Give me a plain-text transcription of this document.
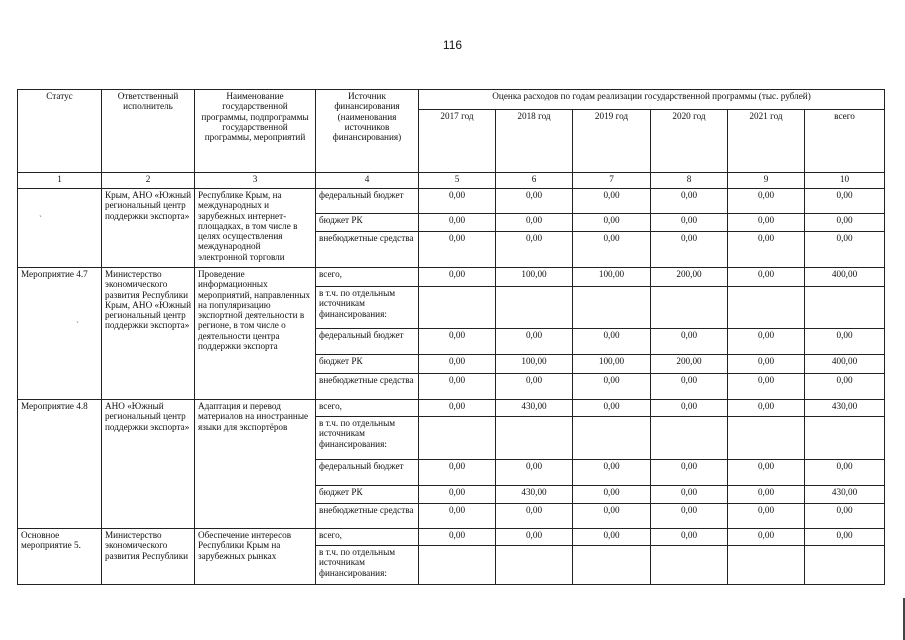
116
`
`
Статус	Ответственный исполнитель	Наименование государственной программы, подпрограммы государственной программы, мероприятий	Источник финансирования (наименования источников финансирования)	Оценка расходов по годам реализации государственной программы (тыс. рублей)					
				2017 год	2018 год	2019 год	2020 год	2021 год	всего
1	2	3	4	5	6	7	8	9	10
	Крым, АНО «Южный региональный центр поддержки экспорта»	Республике Крым, на международных и зарубежных интернет-площадках, в том числе в целях осуществления международной электронной торговли	федеральный бюджет	0,00	0,00	0,00	0,00	0,00	0,00
			бюджет РК	0,00	0,00	0,00	0,00	0,00	0,00
			внебюджетные средства	0,00	0,00	0,00	0,00	0,00	0,00
Мероприятие 4.7	Министерство экономического развития Республики Крым, АНО «Южный региональный центр поддержки экспорта»	Проведение информационных мероприятий, направленных на популяризацию экспортной деятельности в регионе, в том числе о деятельности центра поддержки экспорта	всего,	0,00	100,00	100,00	200,00	0,00	400,00
			в т.ч. по отдельным источникам финансирования:						
			федеральный бюджет	0,00	0,00	0,00	0,00	0,00	0,00
			бюджет РК	0,00	100,00	100,00	200,00	0,00	400,00
			внебюджетные средства	0,00	0,00	0,00	0,00	0,00	0,00
Мероприятие 4.8	АНО «Южный региональный центр поддержки экспорта»	Адаптация и перевод материалов на иностранные языки для экспортёров	всего,	0,00	430,00	0,00	0,00	0,00	430,00
			в т.ч. по отдельным источникам финансирования:						
			федеральный бюджет	0,00	0,00	0,00	0,00	0,00	0,00
			бюджет РК	0,00	430,00	0,00	0,00	0,00	430,00
			внебюджетные средства	0,00	0,00	0,00	0,00	0,00	0,00
Основное мероприятие 5.	Министерство экономического развития Республики	Обеспечение интересов Республики Крым на зарубежных рынках	всего,	0,00	0,00	0,00	0,00	0,00	0,00
			в т.ч. по отдельным источникам финансирования:						
